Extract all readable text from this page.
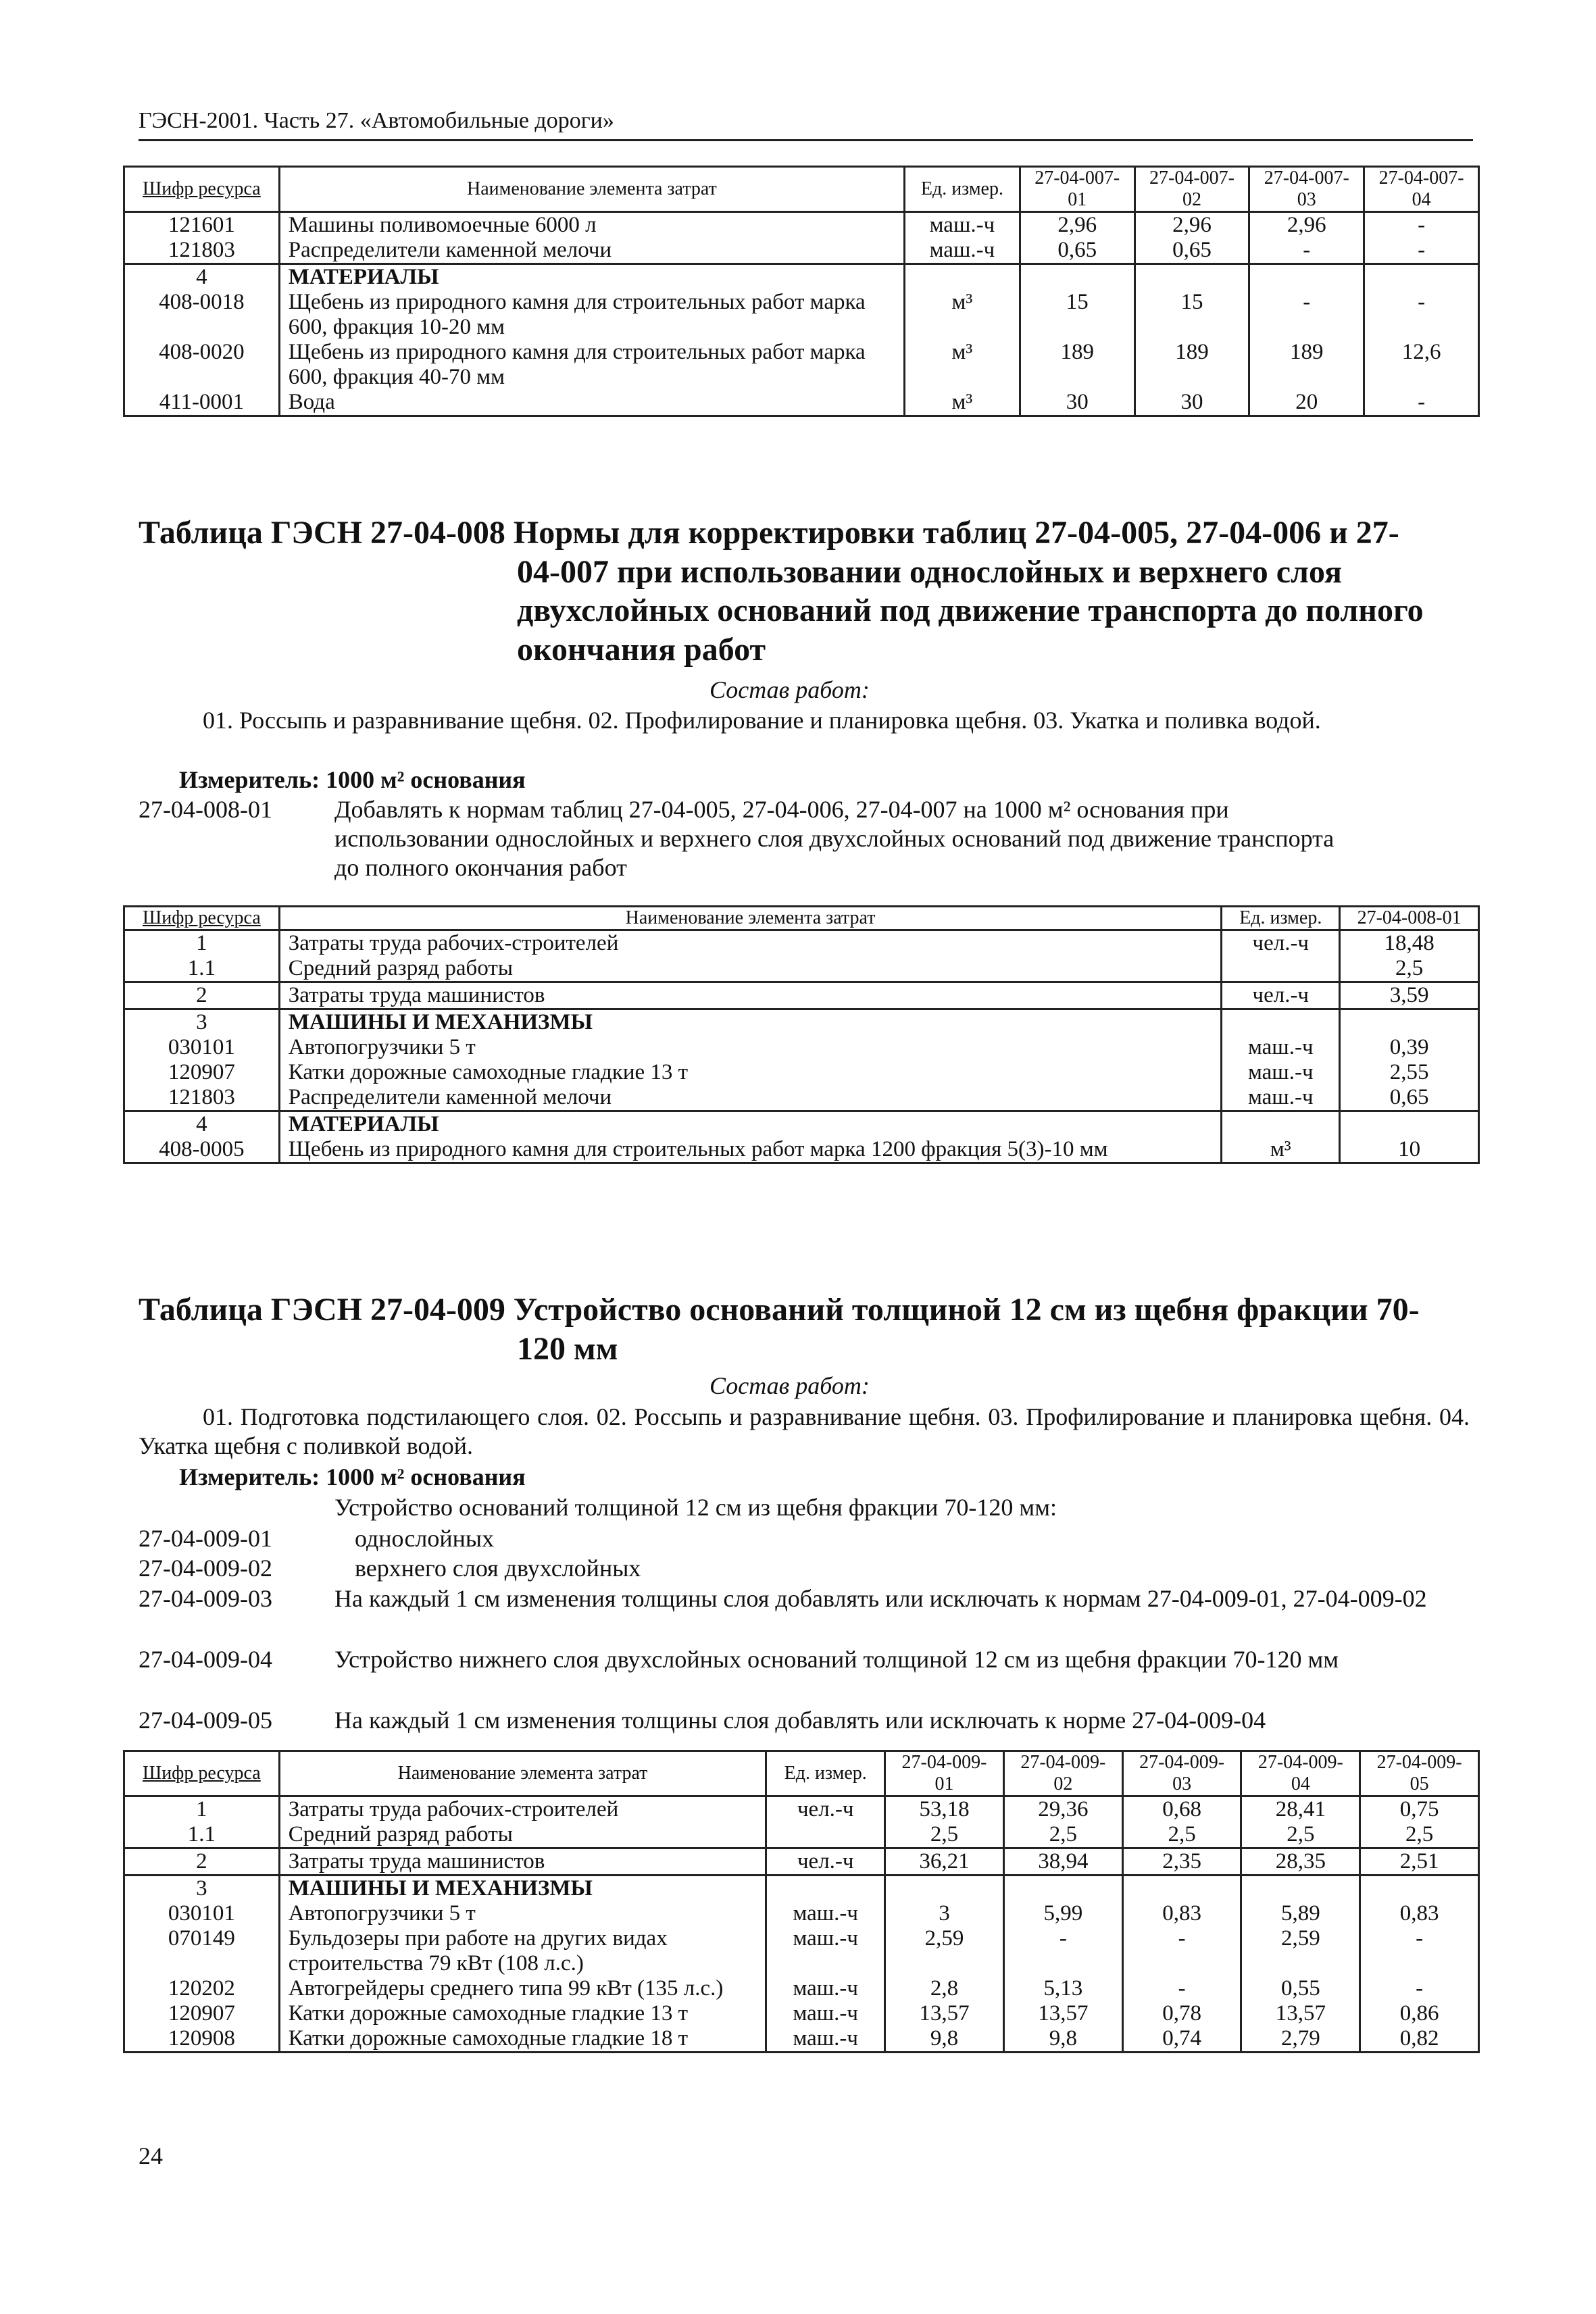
ГЭСН-2001. Часть 27. «Автомобильные дороги»
Шифр ресурса	Наименование элемента затрат	Ед. измер.	27-04-007-01	27-04-007-02	27-04-007-03	27-04-007-04
121601	Машины поливомоечные 6000 л	маш.-ч	2,96	2,96	2,96	-
121803	Распределители каменной мелочи	маш.-ч	0,65	0,65	-	-
4	МАТЕРИАЛЫ					
408-0018	Щебень из природного камня для строительных работ марка 600, фракция 10-20 мм	м³	15	15	-	-
408-0020	Щебень из природного камня для строительных работ марка 600, фракция 40-70 мм	м³	189	189	189	12,6
411-0001	Вода	м³	30	30	20	-
Таблица ГЭСН 27-04-008 Нормы для корректировки таблиц 27-04-005, 27-04-006 и 27-
04-007 при использовании однослойных и верхнего слоя
двухслойных оснований под движение транспорта до полного
окончания работ
Состав работ:
01. Россыпь и разравнивание щебня. 02. Профилирование и планировка щебня. 03. Укатка и поливка водой.
Измеритель: 1000 м² основания
27-04-008-01	Добавлять к нормам таблиц 27-04-005, 27-04-006, 27-04-007 на 1000 м² основания при использовании однослойных и верхнего слоя двухслойных оснований под движение транспорта до полного окончания работ
Шифр ресурса	Наименование элемента затрат	Ед. измер.	27-04-008-01
1	Затраты труда рабочих-строителей	чел.-ч	18,48
1.1	Средний разряд работы		2,5
2	Затраты труда машинистов	чел.-ч	3,59
3	МАШИНЫ И МЕХАНИЗМЫ		
030101	Автопогрузчики 5 т	маш.-ч	0,39
120907	Катки дорожные самоходные гладкие 13 т	маш.-ч	2,55
121803	Распределители каменной мелочи	маш.-ч	0,65
4	МАТЕРИАЛЫ		
408-0005	Щебень из природного камня для строительных работ марка 1200 фракция 5(3)-10 мм	м³	10
Таблица ГЭСН 27-04-009 Устройство оснований толщиной 12 см из щебня фракции 70-
120 мм
Состав работ:
01. Подготовка подстилающего слоя. 02. Россыпь и разравнивание щебня. 03. Профилирование и планировка щебня. 04. Укатка щебня с поливкой водой.
Измеритель: 1000 м² основания
Устройство оснований толщиной 12 см из щебня фракции 70-120 мм:
27-04-009-01	однослойных
27-04-009-02	верхнего слоя двухслойных
27-04-009-03	На каждый 1 см изменения толщины слоя добавлять или исключать к нормам 27-04-009-01, 27-04-009-02
27-04-009-04	Устройство нижнего слоя двухслойных оснований толщиной 12 см из щебня фракции 70-120 мм
27-04-009-05	На каждый 1 см изменения толщины слоя добавлять или исключать к норме 27-04-009-04
Шифр ресурса	Наименование элемента затрат	Ед. измер.	27-04-009-01	27-04-009-02	27-04-009-03	27-04-009-04	27-04-009-05
1	Затраты труда рабочих-строителей	чел.-ч	53,18	29,36	0,68	28,41	0,75
1.1	Средний разряд работы		2,5	2,5	2,5	2,5	2,5
2	Затраты труда машинистов	чел.-ч	36,21	38,94	2,35	28,35	2,51
3	МАШИНЫ И МЕХАНИЗМЫ						
030101	Автопогрузчики 5 т	маш.-ч	3	5,99	0,83	5,89	0,83
070149	Бульдозеры при работе на других видах строительства 79 кВт (108 л.с.)	маш.-ч	2,59	-	-	2,59	-
120202	Автогрейдеры среднего типа 99 кВт (135 л.с.)	маш.-ч	2,8	5,13	-	0,55	-
120907	Катки дорожные самоходные гладкие 13 т	маш.-ч	13,57	13,57	0,78	13,57	0,86
120908	Катки дорожные самоходные гладкие 18 т	маш.-ч	9,8	9,8	0,74	2,79	0,82
24
